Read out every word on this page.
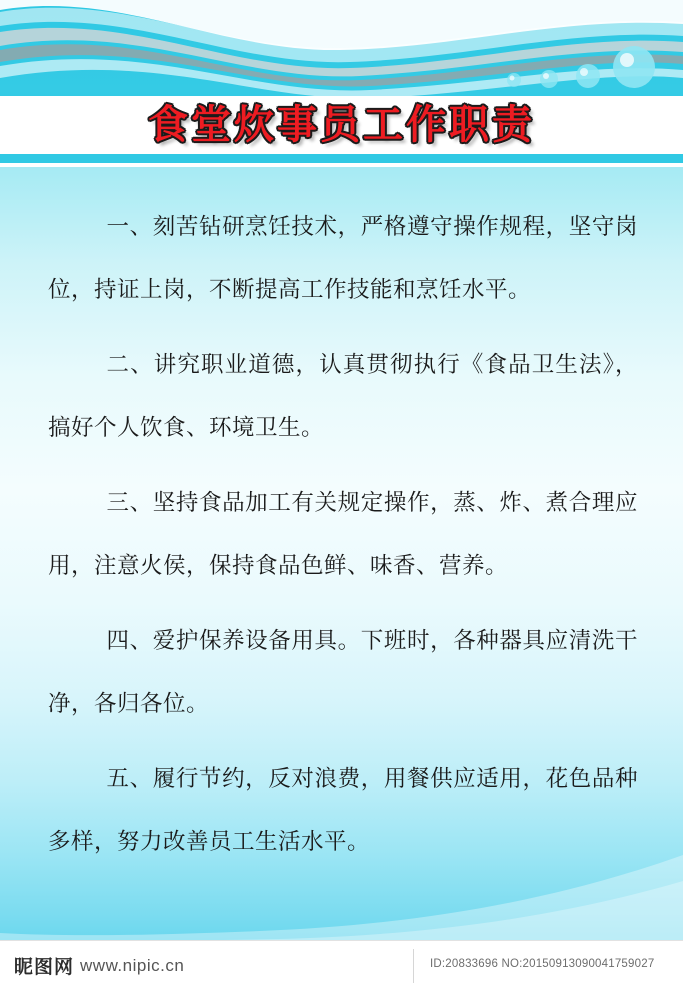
食堂炊事员工作职责

一、刻苦钻研烹饪技术，严格遵守操作规程，坚守岗位，持证上岗，不断提高工作技能和烹饪水平。

二、讲究职业道德，认真贯彻执行《食品卫生法》，搞好个人饮食、环境卫生。

三、坚持食品加工有关规定操作，蒸、炸、煮合理应用，注意火侯，保持食品色鲜、味香、营养。

四、爱护保养设备用具。下班时，各种器具应清洗干净，各归各位。

五、履行节约，反对浪费，用餐供应适用，花色品种多样，努力改善员工生活水平。

昵图网 www.nipic.cn	ID:20833696 NO:20150913090041759027
